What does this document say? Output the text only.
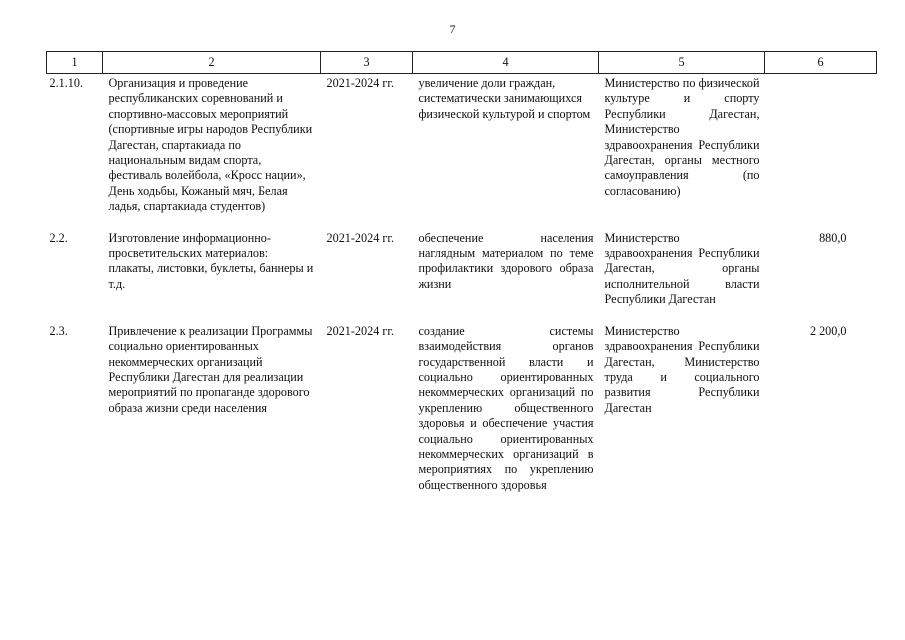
7
1	2	3	4	5	6
2.1.10.	Организация и проведение республиканских соревнований и спортивно-массовых мероприятий (спортивные игры народов Республики Дагестан, спартакиада по национальным видам спорта, фестиваль волейбола, «Кросс нации», День ходьбы, Кожаный мяч, Белая ладья, спартакиада студентов)	2021-2024 гг.	увеличение доли граждан, систематически занимающихся физической культурой и спортом	Министерство по физической культуре и спорту Республики Дагестан, Министерство здравоохранения Республики Дагестан, органы местного самоуправления (по согласованию)	
2.2.	Изготовление информационно-просветительских материалов: плакаты, листовки, буклеты, баннеры и т.д.	2021-2024 гг.	обеспечение населения наглядным материалом по теме профилактики здорового образа жизни	Министерство здравоохранения Республики Дагестан, органы исполнительной власти Республики Дагестан	880,0
2.3.	Привлечение к реализации Программы социально ориентированных некоммерческих организаций Республики Дагестан для реализации мероприятий по пропаганде здорового образа жизни среди населения	2021-2024 гг.	создание системы взаимодействия органов государственной власти и социально ориентированных некоммерческих организаций по укреплению общественного здоровья и обеспечение участия социально ориентированных некоммерческих организаций в мероприятиях по укреплению общественного здоровья	Министерство здравоохранения Республики Дагестан, Министерство труда и социального развития Республики Дагестан	2 200,0
